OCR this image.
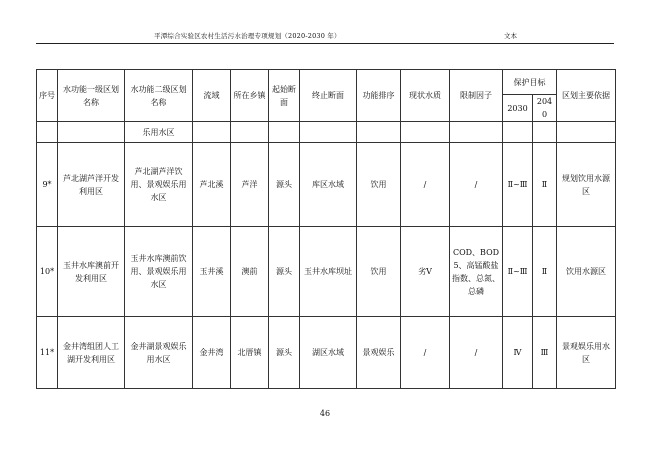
平潭综合实验区农村生活污水治理专项规划（2020-2030 年）	文本
序号	水功能一级区划名称	水功能二级区划名称	流域	所在乡镇	起始断面	终止断面	功能排序	现状水质	限制因子	保护目标		区划主要依据
										2030	2040	
		乐用水区										
9*	芦北湖芦洋开发利用区	芦北湖芦洋饮用、景观娱乐用水区	芦北溪	芦洋	源头	库区水域	饮用	/	/	Ⅱ~Ⅲ	Ⅱ	规划饮用水源区
10*	玉井水库澳前开发利用区	玉井水库澳前饮用、景观娱乐用水区	玉井溪	澳前	源头	玉井水库坝址	饮用	劣Ⅴ	COD、BOD5、高锰酸盐指数、总氮、总磷	Ⅱ~Ⅲ	Ⅱ	饮用水源区
11*	金井湾组团人工湖开发利用区	金井湖景观娱乐用水区	金井湾	北厝镇	源头	湖区水域	景观娱乐	/	/	Ⅳ	Ⅲ	景观娱乐用水区
46
